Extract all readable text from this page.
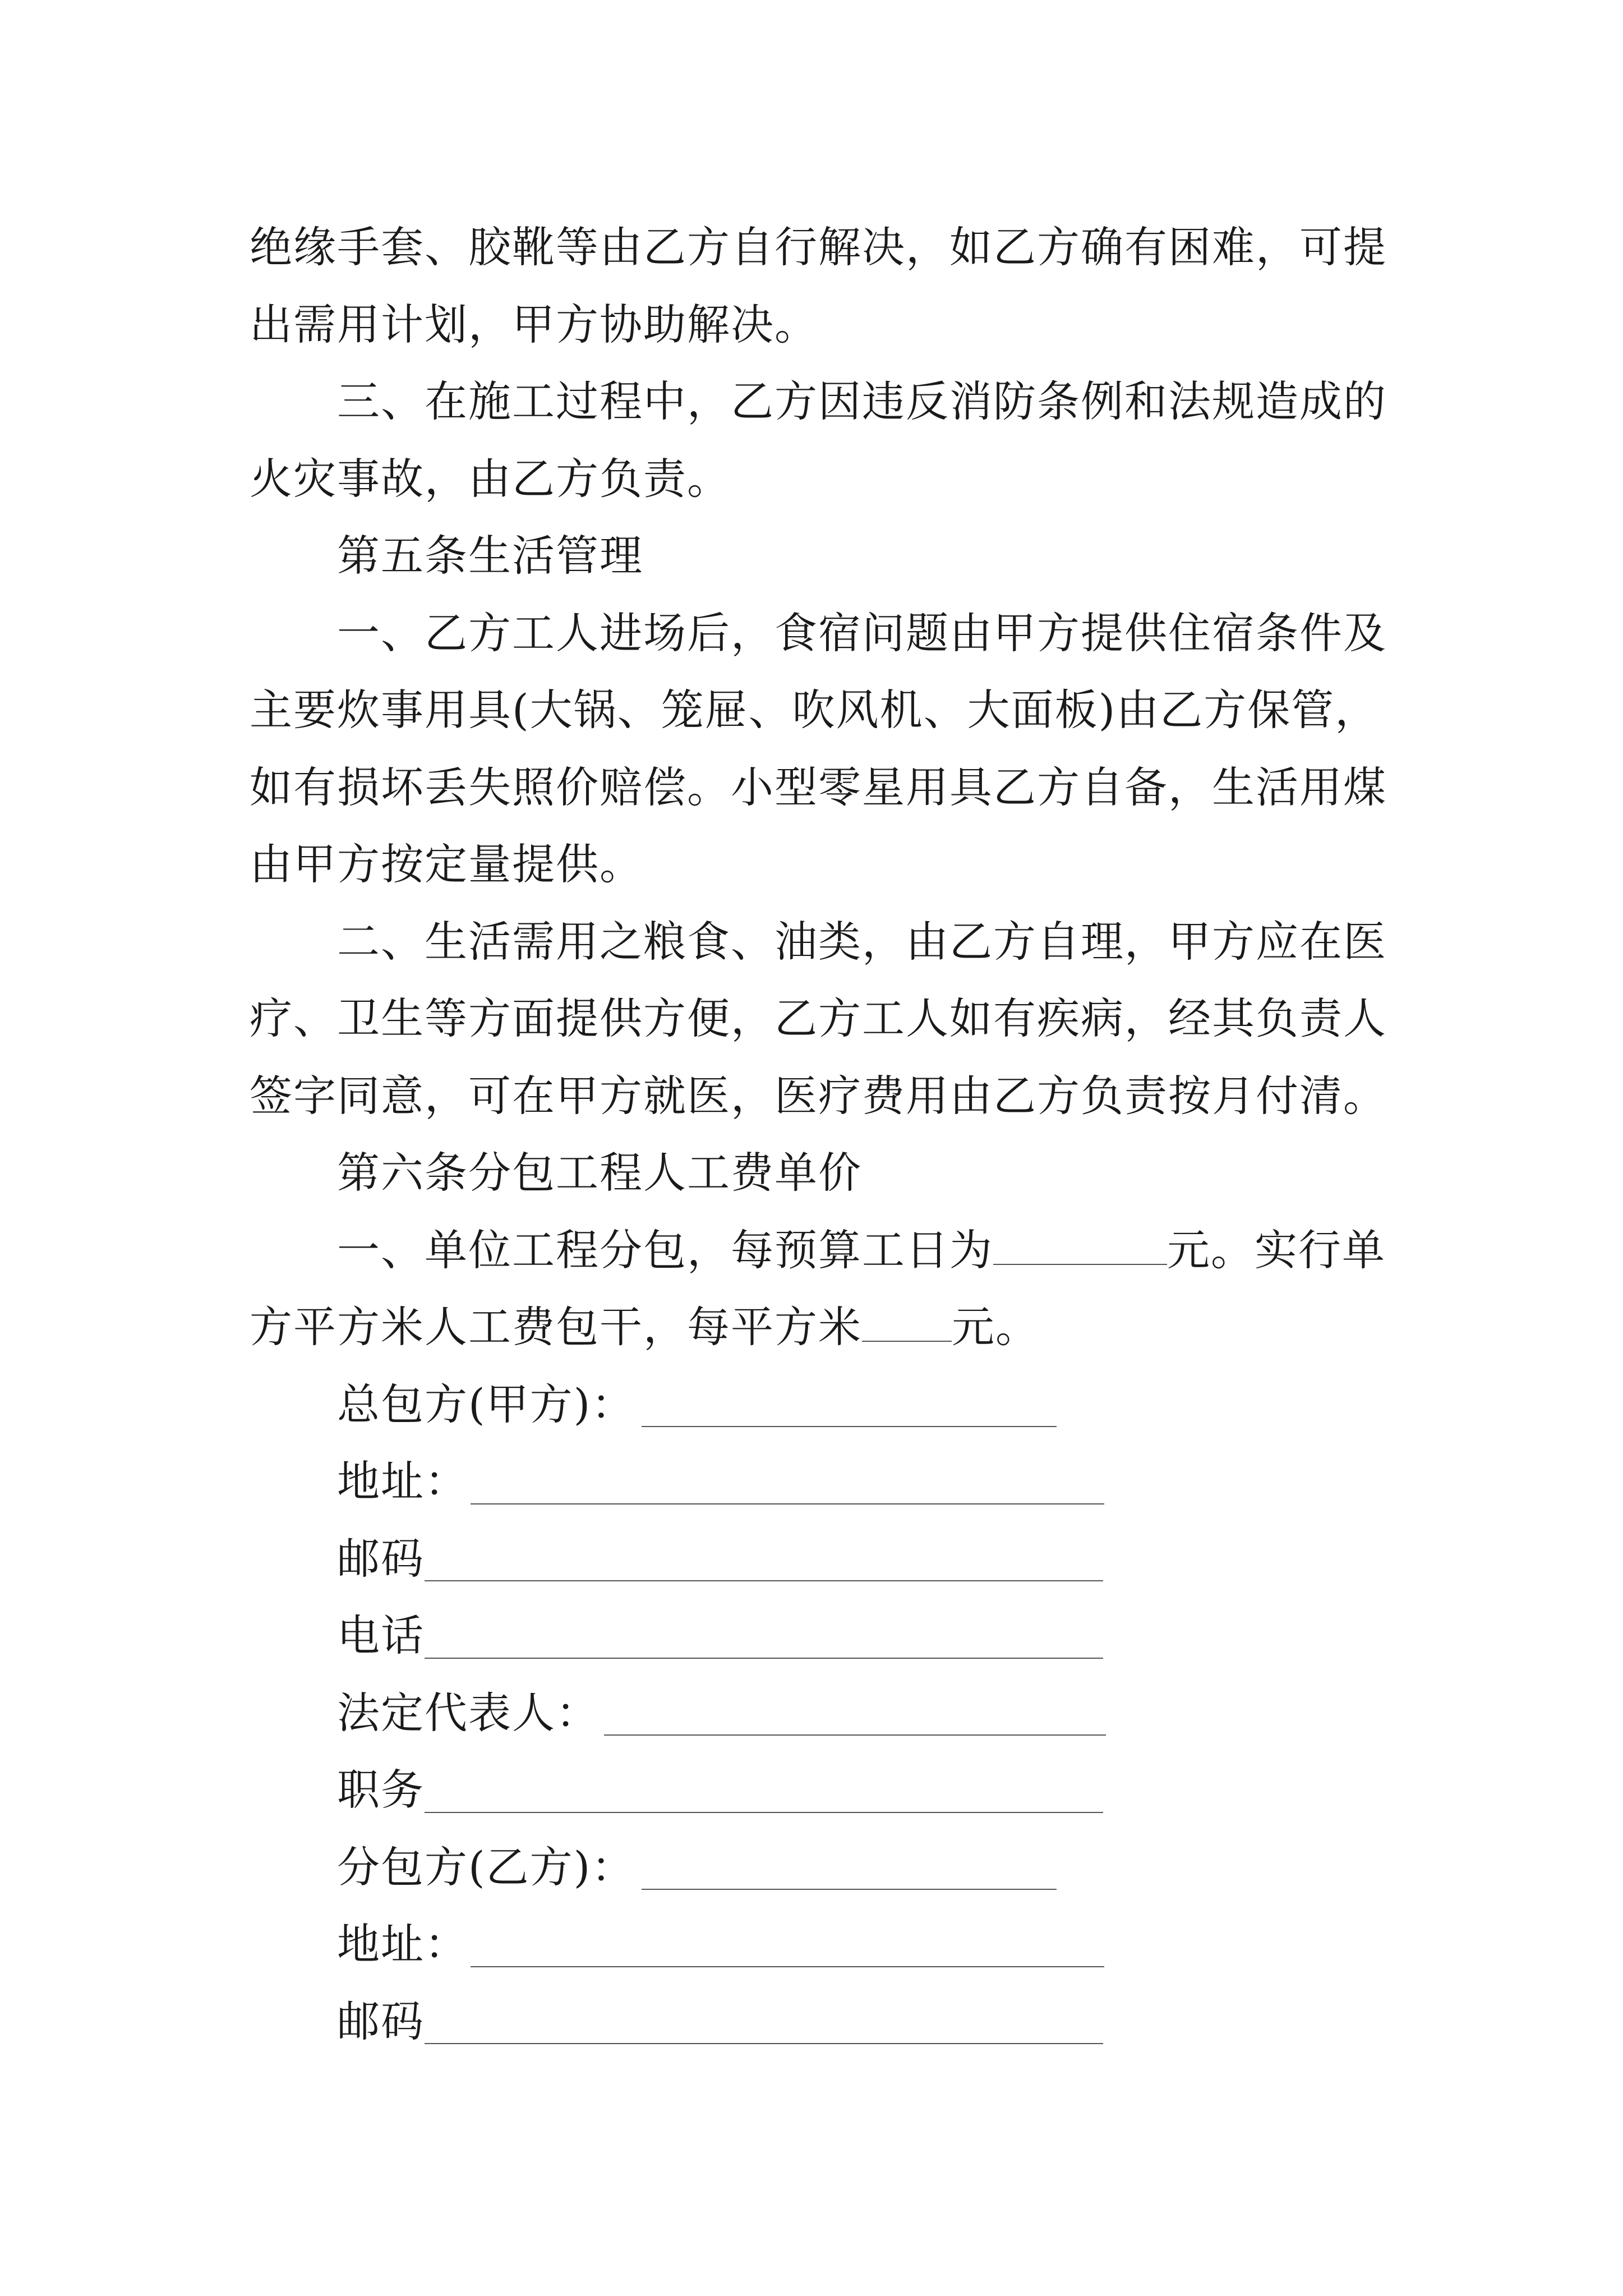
绝缘手套、胶靴等由乙方自行解决，如乙方确有困难，可提
出需用计划，甲方协助解决。
三、在施工过程中，乙方因违反消防条例和法规造成的
火灾事故，由乙方负责。
第五条生活管理
一、乙方工人进场后，食宿问题由甲方提供住宿条件及
主要炊事用具(大锅、笼屉、吹风机、大面板)由乙方保管，
如有损坏丢失照价赔偿。小型零星用具乙方自备，生活用煤
由甲方按定量提供。
二、生活需用之粮食、油类，由乙方自理，甲方应在医
疗、卫生等方面提供方便，乙方工人如有疾病，经其负责人
签字同意，可在甲方就医，医疗费用由乙方负责按月付清。
第六条分包工程人工费单价
一、单位工程分包，每预算工日为	元。实行单
方平方米人工费包干，每平方米 元。
总包方(甲方)：
地址：
邮码
电话
法定代表人：
职务
分包方(乙方)：
地址：
邮码
